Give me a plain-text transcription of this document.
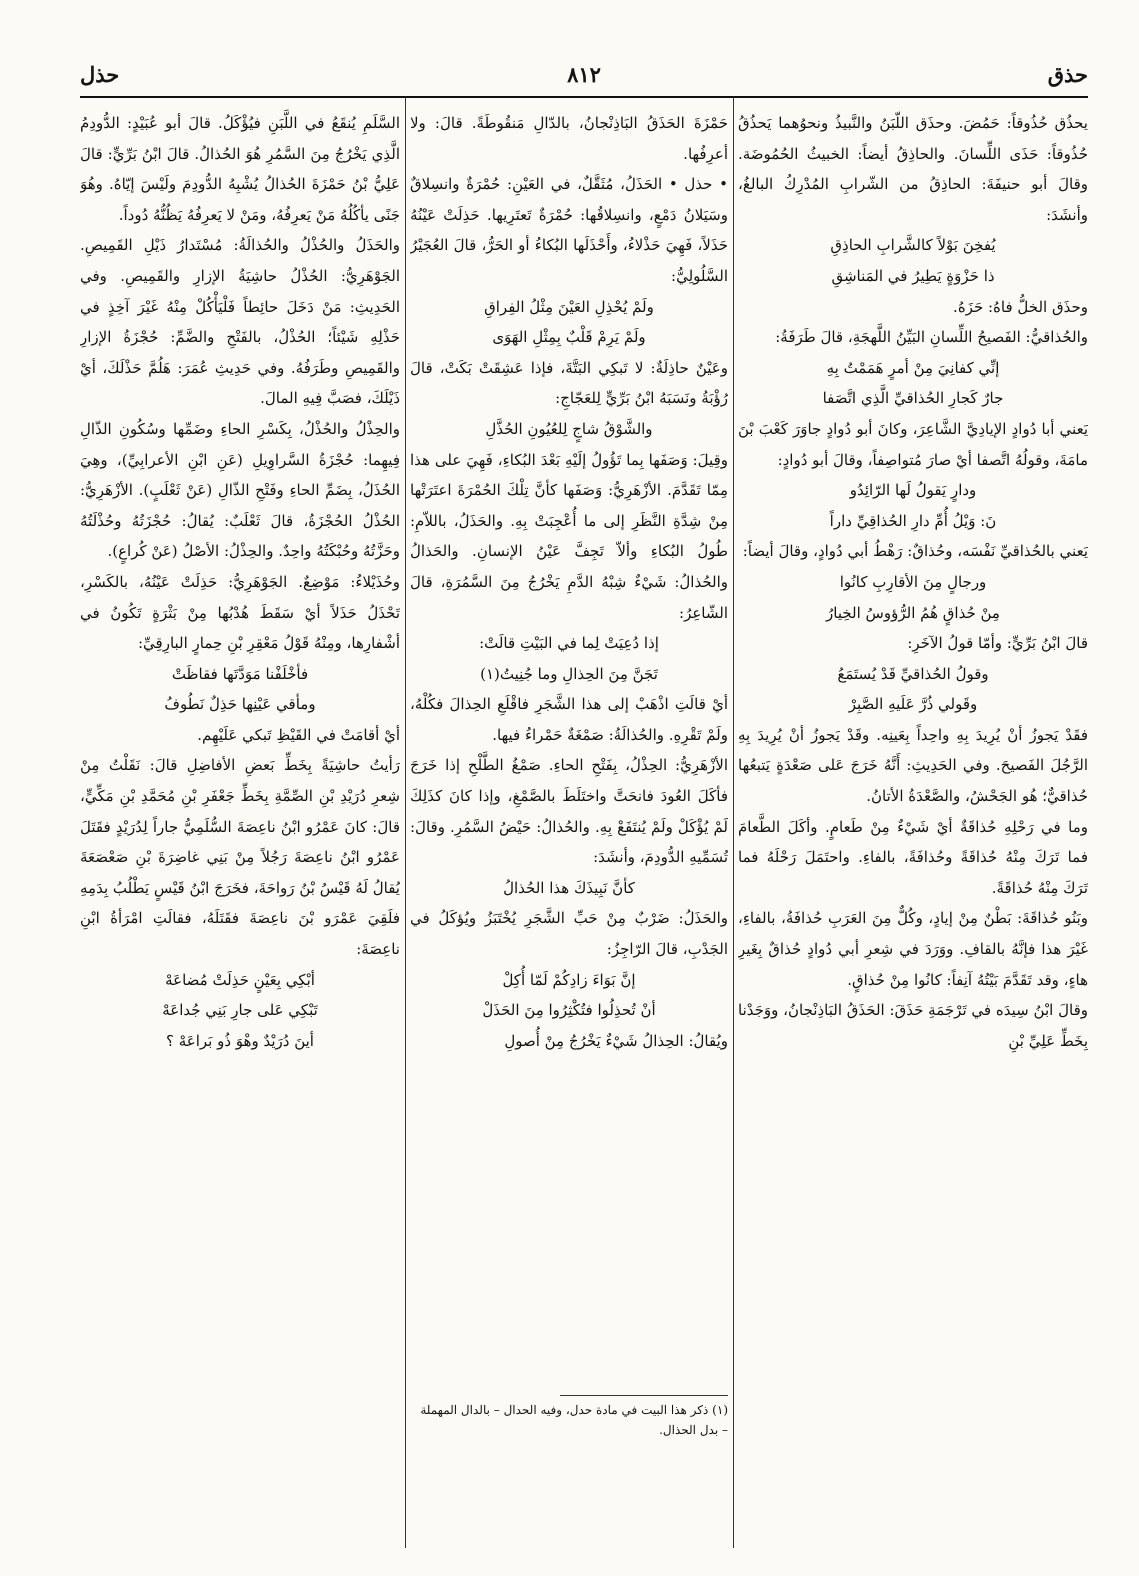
حذق
٨١٢
حذل

يحذُق حُذُوقاً: حَمُضَ. وحذَق اللّبَنُ والنَّبيذُ ونحوُهما يَحذُقُ حُذُوقاً: حَذَى اللِّسانَ. والحاذِقُ أيضاً: الخبيثُ الحُمُوضَة. وقالَ أبو حنيفَةَ: الحاذِقُ من الشّرابِ المُدْرِكُ البالغُ، وأنشَدَ:

يُفخِنَ بَوْلاً كالشَّرابِ الحاذِقِ

ذا حَزْوَةٍ يَطِيرُ في المَناشِقِ

وحذَق الخلُّ فاهُ: حَزَهُ.

والحُذاقيُّ: الفَصيحُ اللِّسانِ البَيِّنُ اللَّهجَةِ، قالَ طَرَفَةُ:

إنِّي كفانِيَ مِنْ أمرٍ هَمَمْتُ بِهِ

جارٌ كَجارِ الحُذاقيِّ الَّذِي اتَّصَفا

يَعني أبا دُوادٍ الإيادِيَّ الشَّاعِرَ، وكانَ أبو دُوادٍ جاوَرَ كَعْبَ بْنَ مامَةَ، وقولُهُ اتَّصفا أيْ صارَ مُتواصِفاً، وقالَ أبو دُوادٍ:

ودارٍ يَقولُ لَها الرّائِدُو

نَ: وَيْلُ أُمِّ دارِ الحُذاقِيِّ داراً

يَعني بالحُذاقيِّ نَفْسَه، وحُذاقٌ: رَهْطُ أبي دُوادٍ، وقالَ أيضاً:

ورجالٍ مِنَ الأقارِبِ كانُوا

مِنْ حُذاقٍ هُمُ الرُّؤوسُ الخِيارُ

قالَ ابْنُ بَرِّيٍّ: وأمّا قولُ الآخَرِ:

وقولُ الحُذاقيِّ قَدْ يُستَمَعُ

وقَولي ذُرَّ عَلَيهِ الصَّبِرْ

فقَدْ يَجوزُ أنْ يُرِيدَ بِهِ واحِداً بِعَينِه. وقَدْ يَجوزُ أنْ يُرِيدَ بِهِ الرَّجُلَ الفَصيحَ. وفي الحَدِيثِ: أَنَّهُ خَرَجَ عَلى صَعْدَةٍ يَتبعُها حُذاقيٌّ؛ هُو الجَحْشُ، والصَّعْدَةُ الأتانُ.

وما في رَحْلِهِ حُذاقَةٌ أيْ شَيْءٌ مِنْ طَعامٍ. وأكَلَ الطَّعامَ فما تَرَكَ مِنْهُ حُذاقَةً وحُذافَةً، بالفاءِ. واحتَمَلَ رَحْلَهُ فما تَرَكَ مِنْهُ حُذاقَةً.

وبَنُو حُذاقَةَ: بَطْنٌ مِنْ إيادٍ، وكُلٌّ مِنَ العَرَبِ حُذافَةُ، بالفاءِ، غَيْرَ هذا فإنَّهُ بالقافِ. ووَرَدَ في شِعرِ أبي دُوادٍ حُذاقٌ بِغَيرِ هاءٍ، وقد تَقَدَّمَ بَيْتُهُ آنِفاً: كانُوا مِنْ حُذاقٍ.

وقالَ ابْنُ سِيدَه في تَرْجَمَةِ حَذَقَ: الحَذَقُ البَاذِنْجانُ، ووَجَدْنا بِخَطِّ عَلِيِّ بْنِ

حَمْزَةَ الحَذَقُ البَاذِنْجانُ، بالدّالِ مَنقُوطَةً. قالَ: ولا أعرِفُها.

• حذل • الحَذَلُ، مُثَقَّلٌ، في العَيْنِ: حُمْرَةٌ وانسِلاقٌ وسَيَلانُ دَمْعٍ، وانسِلاقُها: حُمْرَةٌ تَعتَرِيها. حَذِلَتْ عَيْنُهُ حَذَلاً، فَهِيَ حَذْلاءُ، وأَحْذَلَها البُكاءُ أو الحَرُّ، قالَ العُجَيْرُ السَّلُولِيُّ:

ولَمْ يُحْذِلِ العَيْنَ مِثْلُ الفِراقِ

ولَمْ يَرِمْ قَلْبٌ بِمِثْلِ الهَوَى

وعَيْنٌ حاذِلَةٌ: لا تَبكِي البَتَّةَ، فإذا عَشِقَتْ بَكَتْ، قالَ رُؤْبَةُ ونَسَبَهُ ابْنُ بَرِّيٍّ لِلعَجّاجِ:

والشَّوْقُ شاجٍ لِلعُيُونِ الحُذَّلِ

وقِيلَ: وَصَفَها بِما تَؤُولُ إلَيْهِ بَعْدَ البُكاءِ، فَهِيَ على هذا مِمّا تَقَدَّمَ. الأزْهَرِيُّ: وَصَفَها كأنَّ تِلْكَ الحُمْرَةَ اعتَرَتْها مِنْ شِدَّةِ النَّظَرِ إلى ما أُعْجِبَتْ بِهِ. والحَذَلُ، باللاّمِ: طُولُ البُكاءِ وألاّ تَجِفَّ عَيْنُ الإنسانِ. والحَذالُ والحُذالُ: شَيْءٌ شِبْهُ الدَّمِ يَخْرُجُ مِنَ السَّمُرَةِ، قالَ الشّاعِرُ:

إذا دُعِيَتْ لِما في البَيْتِ قالَتْ:

تَجَنَّ مِنَ الحِذالِ وما جُنِيتُ(١)

أيْ قالَتِ اذْهَبْ إلى هذا الشَّجَرِ فاقْلَعِ الحِذالَ فكُلْهُ، ولَمْ تَقْرِهِ. والحُذالَةُ: صَمْغَةٌ حَمْراءُ فيها.

الأزْهَرِيُّ: الحِذْلُ، بِفَتْحِ الحاءِ. صَمْغُ الطَّلْحِ إذا خَرَجَ فأكَلَ العُودَ فانحَتَّ واختَلَطَ بالصَّمْغِ، وإذا كانَ كذَلِكَ لَمْ يُؤْكَلْ ولَمْ يُنتَفَعْ بِهِ. والحُذالُ: حَيْضُ السَّمُرِ. وقالَ: تُسَمِّيهِ الدُّودِمَ، وأنشَدَ:

كأنَّ نَبِيذَكَ هذا الحُذالُ

والحَذَلُ: ضَرْبٌ مِنْ حَبِّ الشَّجَرِ يُخْتَبَزُ ويُؤكَلُ في الجَدْبِ، قالَ الرّاجِزُ:

إنَّ بَوَاءَ زادِكُمْ لَمّا أُكِلْ

أنْ تُحذِلُوا فتُكْثِرُوا مِنَ الحَذَلْ

ويُقالُ: الحِذالُ شَيْءٌ يَخْرُجُ مِنْ أُصولِ

(١) ذكر هذا البيت في مادة حدل، وفيه الحدال – بالدال المهملة – بدل الحذال.

السَّلَمِ يُنقَعُ في اللَّبَنِ فيُؤْكَلُ. قالَ أبو عُبَيْدٍ: الدُّودِمُ الَّذِي يَخْرُجُ مِنَ السَّمُرِ هُوَ الحُذالُ. قالَ ابْنُ بَرِّيٍّ: قالَ عَلِيُّ بْنُ حَمْزَةَ الحُذالُ يُشْبِهُ الدُّودِمَ ولَيْسَ إيّاهُ. وهُوَ جَنًى يأكُلُهُ مَنْ يَعرِفُهُ، ومَنْ لا يَعرِفُهُ يَظُنُّهُ دُوداً.

والحَذَلُ والحُذْلُ والحُذالَةُ: مُسْتَدارُ ذَيْلِ القَمِيصِ. الجَوْهَرِيُّ: الحُذْلُ حاشِيَةُ الإزارِ والقَمِيصِ. وفي الحَدِيثِ: مَنْ دَخَلَ حائِطاً فَلْيَأْكُلْ مِنْهُ غَيْرَ آخِذٍ في حَذْلِهِ شَيْئاً؛ الحُذْلُ، بالفَتْحِ والضَّمِّ: حُجْزَةُ الإزارِ والقَمِيصِ وطَرَفُهُ. وفي حَدِيثِ عُمَرَ: هَلُمَّ حَذْلَكَ، أيْ ذَيْلَكَ، فصَبَّ فِيهِ المالَ.

والحِذْلُ والحُذْلُ، بِكَسْرِ الحاءِ وضَمِّها وسُكُونِ الذّالِ فِيهِما: حُجْزَةُ السَّراوِيلِ (عَنِ ابْنِ الأعرابِيِّ)، وهِيَ الحُذَلُ، بِضَمِّ الحاءِ وفَتْحِ الذّالِ (عَنْ ثَعْلَبٍ). الأزْهَرِيُّ: الحُذْلُ الحُجْزَةُ، قالَ ثَعْلَبٌ: يُقالُ: حُجْزَتُهُ وحُذْلَتُهُ وحَزَّتُهُ وحُبْكَتُهُ واحِدٌ. والحِذْلُ: الأصْلُ (عَنْ كُراعٍ).

وحُذَيْلاءُ: مَوْضِعٌ. الجَوْهَرِيُّ: حَذِلَتْ عَيْنُهُ، بالكَسْرِ، تَحْذَلُ حَذَلاً أيْ سَقَطَ هُدْبُها مِنْ بَثْرَةٍ تَكُونُ في أشْفارِها، ومِنْهُ قَوْلُ مَعْقِرِ بْنِ حِمارٍ البارِقِيِّ:

فأخْلَفْنا مَوَدَّتَها فقاظَتْ

ومأقي عَيْنِها حَذِلٌ نَطُوفُ

أيْ أقامَتْ في القَيْظِ تَبكي عَلَيْهِم.

رَأيتُ حاشِيَةً بِخَطِّ بَعضِ الأفاضِلِ قالَ: نَقَلْتُ مِنْ شِعرِ دُرَيْدِ بْنِ الصِّمَّةِ بِخَطِّ جَعْفَرِ بْنِ مُحَمَّدِ بْنِ مَكِّيٍّ، قالَ: كانَ عَمْرُو ابْنُ ناعِصَةَ السُّلَمِيُّ جاراً لِدُرَيْدٍ فقَتَلَ عَمْرُو ابْنُ ناعِصَةَ رَجُلاً مِنْ بَنِي غاضِرَةَ بْنِ صَعْصَعَةَ يُقالُ لَهُ قَيْسُ بْنُ رَواحَةَ، فخَرَجَ ابْنُ قَيْسٍ يَطْلُبُ بِدَمِهِ فلَقِيَ عَمْرَو بْنَ ناعِصَةَ فقَتَلَهُ، فقالَتِ امْرَأةُ ابْنِ ناعِصَةَ:

أبْكِي بِعَيْنٍ حَذِلَتْ مُضاعَهْ

تَبْكِي عَلى جارِ بَنِي جُداعَهْ

أينَ دُرَيْدٌ وهْوَ ذُو بَراعَهْ ؟
